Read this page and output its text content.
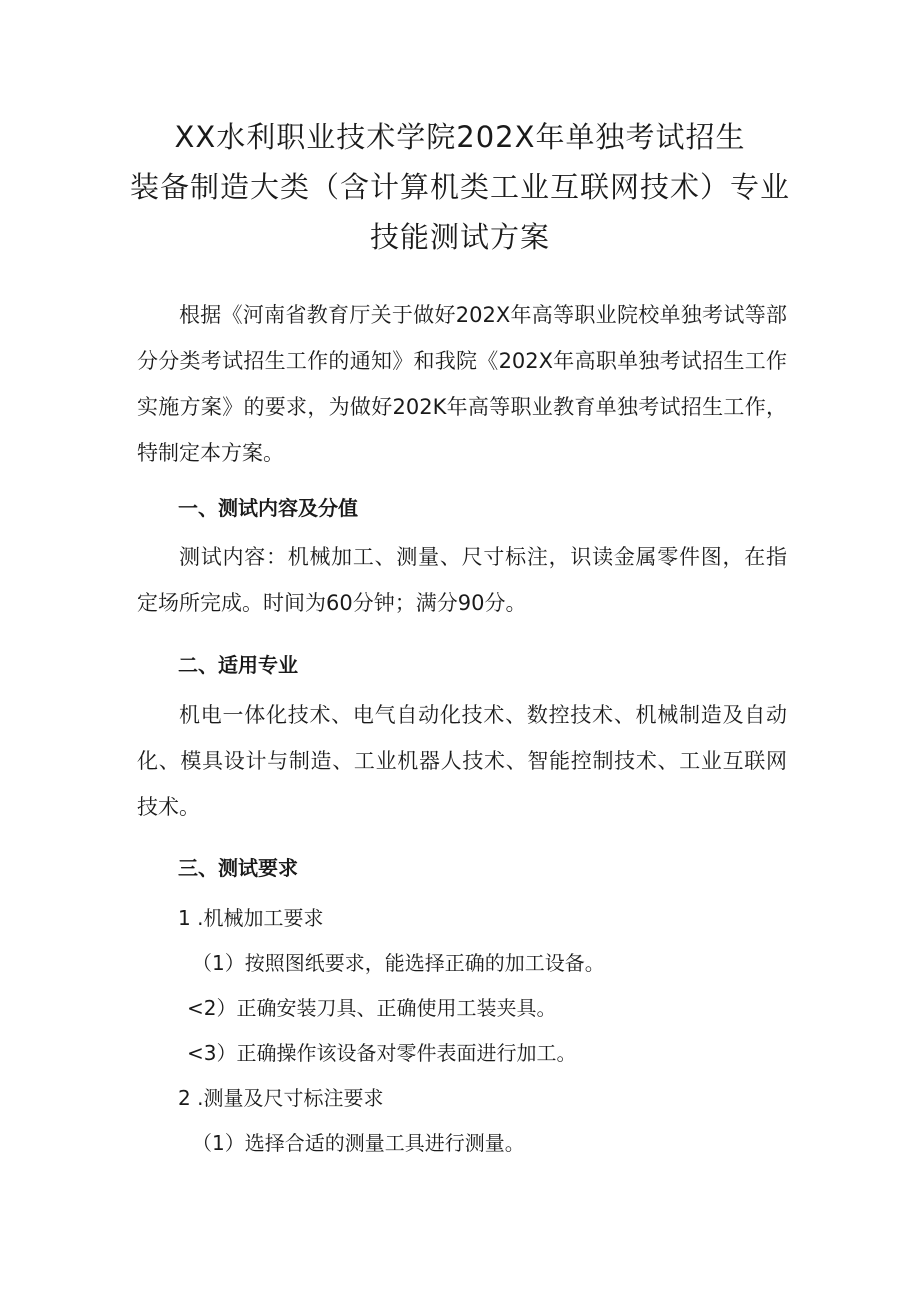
XX水利职业技术学院202X年单独考试招生
装备制造大类（含计算机类工业互联网技术）专业
技能测试方案

根据《河南省教育厅关于做好202X年高等职业院校单独考试等部分分类考试招生工作的通知》和我院《202X年高职单独考试招生工作实施方案》的要求，为做好202K年高等职业教育单独考试招生工作，特制定本方案。

一、测试内容及分值

测试内容：机械加工、测量、尺寸标注，识读金属零件图，在指定场所完成。时间为60分钟；满分90分。

二、适用专业

机电一体化技术、电气自动化技术、数控技术、机械制造及自动化、模具设计与制造、工业机器人技术、智能控制技术、工业互联网技术。

三、测试要求
1 .机械加工要求
（1）按照图纸要求，能选择正确的加工设备。
<2）正确安装刀具、正确使用工装夹具。
<3）正确操作该设备对零件表面进行加工。
2 .测量及尺寸标注要求
（1）选择合适的测量工具进行测量。
